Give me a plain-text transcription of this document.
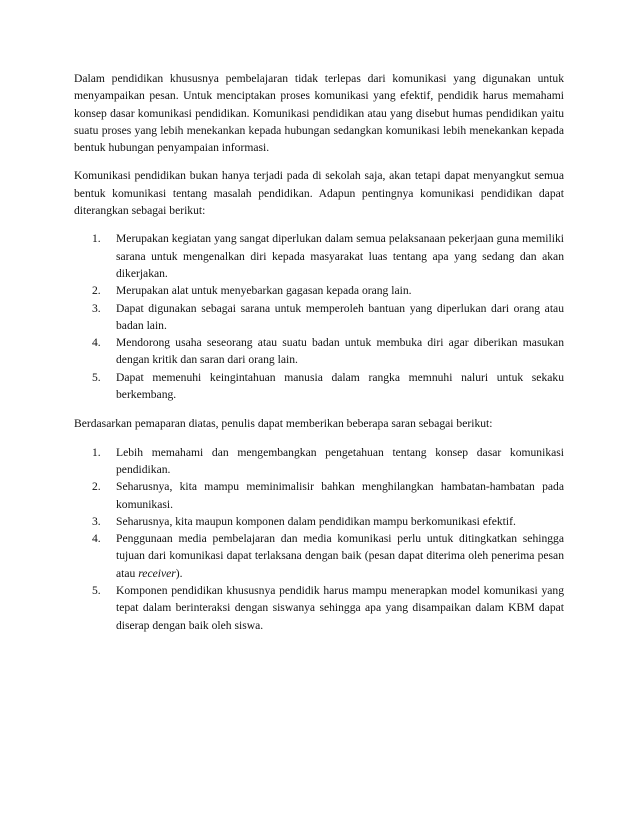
Dalam pendidikan khususnya pembelajaran tidak terlepas dari komunikasi yang digunakan untuk menyampaikan pesan. Untuk menciptakan proses komunikasi yang efektif, pendidik harus memahami konsep dasar komunikasi pendidikan. Komunikasi pendidikan atau yang disebut humas pendidikan yaitu suatu proses yang lebih menekankan kepada hubungan sedangkan komunikasi lebih menekankan kepada bentuk hubungan penyampaian informasi.

Komunikasi pendidikan bukan hanya terjadi pada di sekolah saja, akan tetapi dapat menyangkut semua bentuk komunikasi tentang masalah pendidikan. Adapun pentingnya komunikasi pendidikan dapat diterangkan sebagai berikut:

1. Merupakan kegiatan yang sangat diperlukan dalam semua pelaksanaan pekerjaan guna memiliki sarana untuk mengenalkan diri kepada masyarakat luas tentang apa yang sedang dan akan dikerjakan.
2. Merupakan alat untuk menyebarkan gagasan kepada orang lain.
3. Dapat digunakan sebagai sarana untuk memperoleh bantuan yang diperlukan dari orang atau badan lain.
4. Mendorong usaha seseorang atau suatu badan untuk membuka diri agar diberikan masukan dengan kritik dan saran dari orang lain.
5. Dapat memenuhi keingintahuan manusia dalam rangka memnuhi naluri untuk sekaku berkembang.

Berdasarkan pemaparan diatas, penulis dapat memberikan beberapa saran sebagai berikut:

1. Lebih memahami dan mengembangkan pengetahuan tentang konsep dasar komunikasi pendidikan.
2. Seharusnya, kita mampu meminimalisir bahkan menghilangkan hambatan-hambatan pada komunikasi.
3. Seharusnya, kita maupun komponen dalam pendidikan mampu berkomunikasi efektif.
4. Penggunaan media pembelajaran dan media komunikasi perlu untuk ditingkatkan sehingga tujuan dari komunikasi dapat terlaksana dengan baik (pesan dapat diterima oleh penerima pesan atau receiver).
5. Komponen pendidikan khususnya pendidik harus mampu menerapkan model komunikasi yang tepat dalam berinteraksi dengan siswanya sehingga apa yang disampaikan dalam KBM dapat diserap dengan baik oleh siswa.
